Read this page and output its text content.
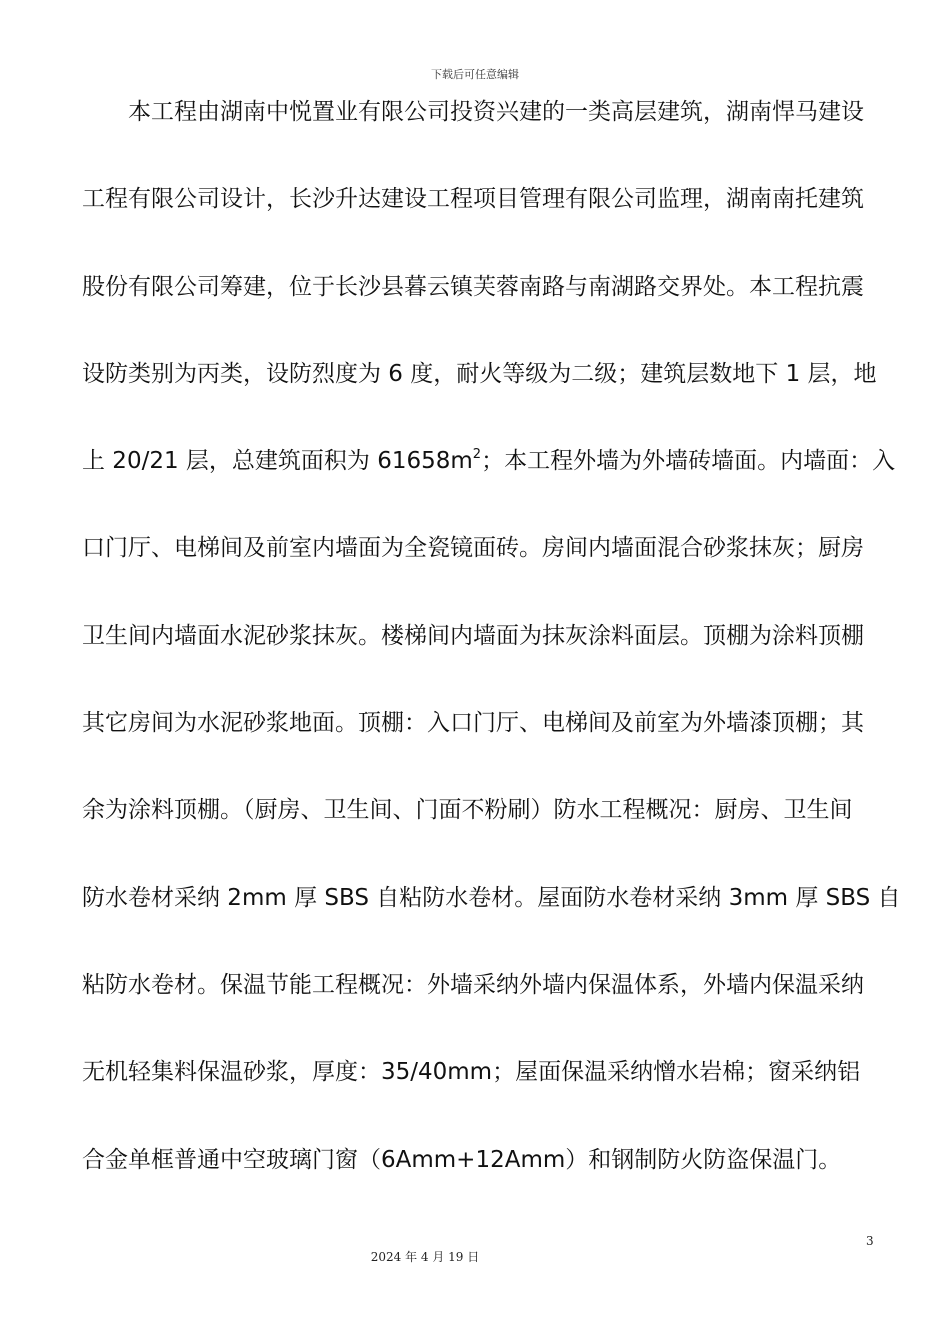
下载后可任意编辑
本工程由湖南中悦置业有限公司投资兴建的一类高层建筑，湖南悍马建设
工程有限公司设计，长沙升达建设工程项目管理有限公司监理，湖南南托建筑
股份有限公司筹建，位于长沙县暮云镇芙蓉南路与南湖路交界处。本工程抗震
设防类别为丙类，设防烈度为 6 度，耐火等级为二级；建筑层数地下 1 层，地
上 20/21 层，总建筑面积为 $61658m^2$；本工程外墙为外墙砖墙面。内墙面：入
口门厅、电梯间及前室内墙面为全瓷镜面砖。房间内墙面混合砂浆抹灰；厨房
卫生间内墙面水泥砂浆抹灰。楼梯间内墙面为抹灰涂料面层。顶棚为涂料顶棚
其它房间为水泥砂浆地面。顶棚：入口门厅、电梯间及前室为外墙漆顶棚；其
余为涂料顶棚。（厨房、卫生间、门面不粉刷）防水工程概况：厨房、卫生间
防水卷材采纳 2mm 厚 SBS 自粘防水卷材。屋面防水卷材采纳 3mm 厚 SBS 自
粘防水卷材。保温节能工程概况：外墙采纳外墙内保温体系，外墙内保温采纳
无机轻集料保温砂浆，厚度：35/40mm；屋面保温采纳憎水岩棉；窗采纳铝
合金单框普通中空玻璃门窗（6Amm+12Amm）和钢制防火防盗保温门。
3
2024 年 4 月 19 日
